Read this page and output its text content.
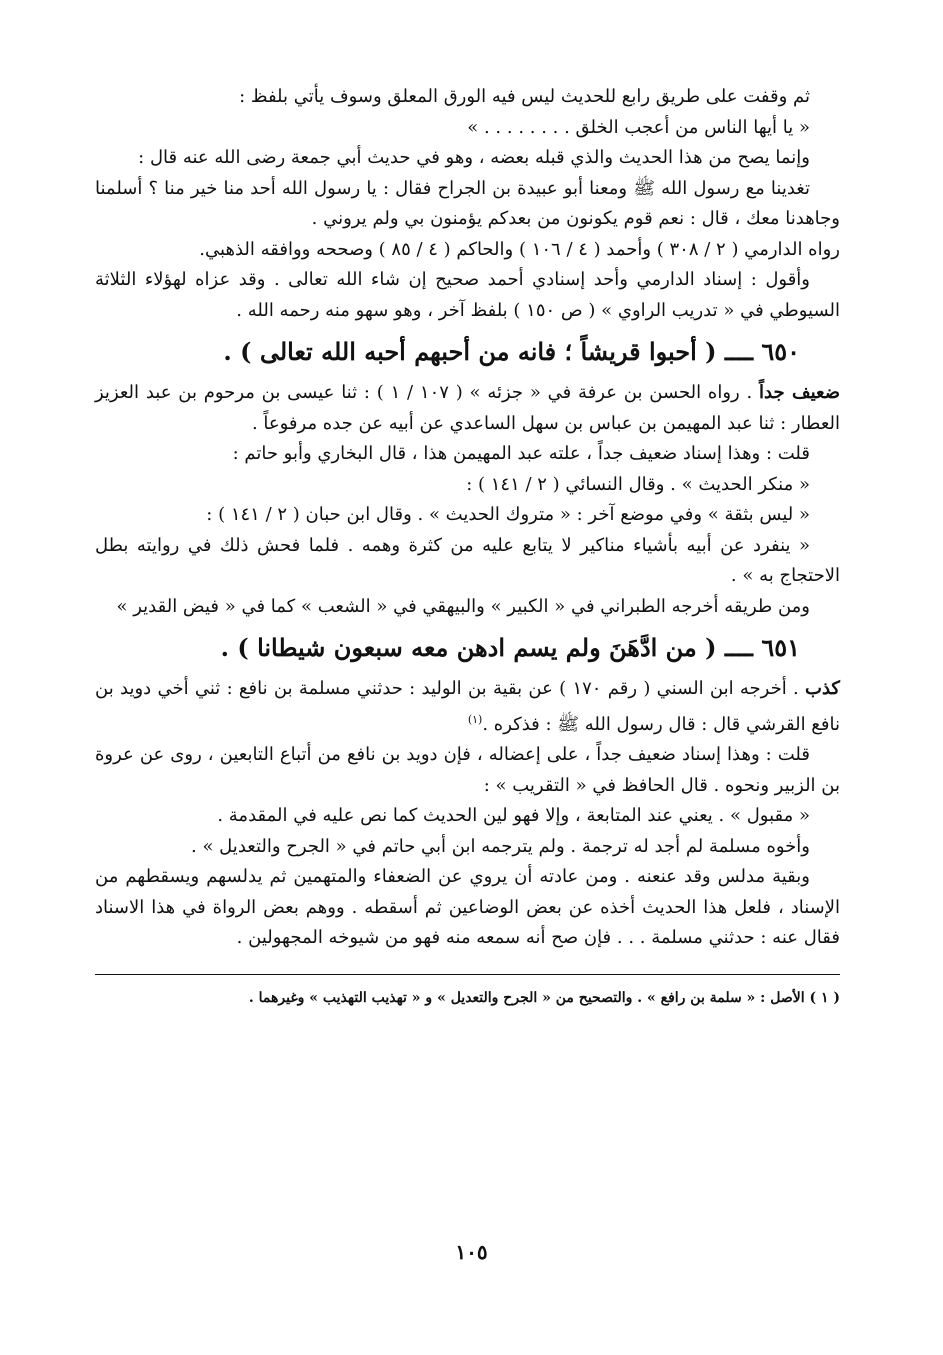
ثم وقفت على طريق رابع للحديث ليس فيه الورق المعلق وسوف يأتي بلفظ :

« يا أيها الناس من أعجب الخلق . . . . . . . . »

وإنما يصح من هذا الحديث والذي قبله بعضه ، وهو في حديث أبي جمعة رضى الله عنه قال :

تغدينا مع رسول الله ﷺ ومعنا أبو عبيدة بن الجراح فقال : يا رسول الله أحد منا خير منا ؟ أسلمنا وجاهدنا معك ، قال : نعم قوم يكونون من بعدكم يؤمنون بي ولم يروني .

رواه الدارمي ( ٢ / ٣٠٨ ) وأحمد ( ٤ / ١٠٦ ) والحاكم ( ٤ / ٨٥ ) وصححه ووافقه الذهبي.

وأقول : إسناد الدارمي وأحد إسنادي أحمد صحيح إن شاء الله تعالى . وقد عزاه لهؤلاء الثلاثة السيوطي في « تدريب الراوي » ( ص ١٥٠ ) بلفظ آخر ، وهو سهو منه رحمه الله .

٦٥٠ ــــ ( أحبوا قريشاً ؛ فانه من أحبهم أحبه الله تعالى ) .

ضعيف جداً . رواه الحسن بن عرفة في « جزئه » ( ١٠٧ / ١ ) : ثنا عيسى بن مرحوم بن عبد العزيز العطار : ثنا عبد المهيمن بن عباس بن سهل الساعدي عن أبيه عن جده مرفوعاً .

قلت : وهذا إسناد ضعيف جداً ، علته عبد المهيمن هذا ، قال البخاري وأبو حاتم :

« منكر الحديث » . وقال النسائي ( ٢ / ١٤١ ) :

« ليس بثقة » وفي موضع آخر : « متروك الحديث » . وقال ابن حبان ( ٢ / ١٤١ ) :

« ينفرد عن أبيه بأشياء مناكير لا يتابع عليه من كثرة وهمه . فلما فحش ذلك في روايته بطل الاحتجاج به » .

ومن طريقه أخرجه الطبراني في « الكبير » والبيهقي في « الشعب » كما في « فيض القدير »

٦٥١ ــــ ( من ادَّهَنَ ولم يسم ادهن معه سبعون شيطانا ) .

كذب . أخرجه ابن السني ( رقم ١٧٠ ) عن بقية بن الوليد : حدثني مسلمة بن نافع : ثني أخي دويد بن نافع القرشي قال : قال رسول الله ﷺ : فذكره .$^{(١)}$

قلت : وهذا إسناد ضعيف جداً ، على إعضاله ، فإن دويد بن نافع من أتباع التابعين ، روى عن عروة بن الزبير ونحوه . قال الحافظ في « التقريب » :

« مقبول » . يعني عند المتابعة ، وإلا فهو لين الحديث كما نص عليه في المقدمة .

وأخوه مسلمة لم أجد له ترجمة . ولم يترجمه ابن أبي حاتم في « الجرح والتعديل » .

وبقية مدلس وقد عنعنه . ومن عادته أن يروي عن الضعفاء والمتهمين ثم يدلسهم ويسقطهم من الإسناد ، فلعل هذا الحديث أخذه عن بعض الوضاعين ثم أسقطه . ووهم بعض الرواة في هذا الاسناد فقال عنه : حدثني مسلمة . . . فإن صح أنه سمعه منه فهو من شيوخه المجهولين .

( ١ ) الأصل : « سلمة بن رافع » . والتصحيح من « الجرح والتعديل » و « تهذيب التهذيب » وغيرهما .

١٠٥
